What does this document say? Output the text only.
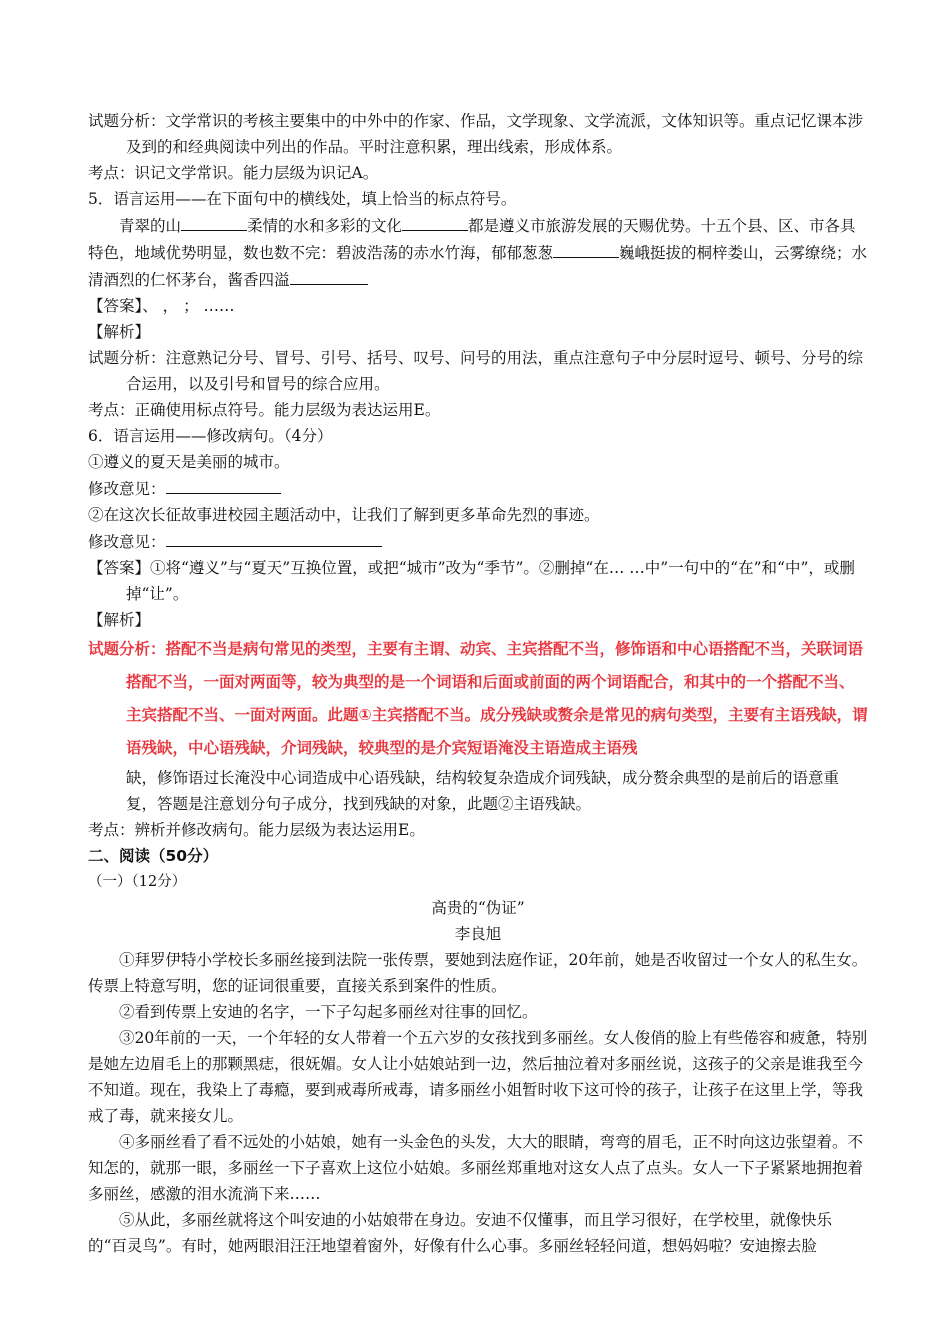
试题分析：文学常识的考核主要集中的中外中的作家、作品，文学现象、文学流派，文体知识等。重点记忆课本涉及到的和经典阅读中列出的作品。平时注意积累，理出线索，形成体系。

考点：识记文学常识。能力层级为识记A。

5．语言运用——在下面句中的横线处，填上恰当的标点符号。

青翠的山	柔情的水和多彩的文化	都是遵义市旅游发展的天赐优势。十五个县、区、市各具特色，地域优势明显，数也数不完：碧波浩荡的赤水竹海，郁郁葱葱	巍峨挺拔的桐梓娄山，云雾缭绕；水清酒烈的仁怀茅台，酱香四溢

【答案】、 ， ； ……

【解析】

试题分析：注意熟记分号、冒号、引号、括号、叹号、问号的用法，重点注意句子中分层时逗号、顿号、分号的综合运用，以及引号和冒号的综合应用。

考点：正确使用标点符号。能力层级为表达运用E。

6．语言运用——修改病句。（4分）

①遵义的夏天是美丽的城市。

修改意见：

②在这次长征故事进校园主题活动中，让我们了解到更多革命先烈的事迹。

修改意见：

【答案】①将“遵义”与“夏天”互换位置，或把“城市”改为“季节”。②删掉“在… …中”一句中的“在”和“中”，或删掉“让”。

【解析】

试题分析：搭配不当是病句常见的类型，主要有主谓、动宾、主宾搭配不当，修饰语和中心语搭配不当，关联词语搭配不当，一面对两面等，较为典型的是一个词语和后面或前面的两个词语配合，和其中的一个搭配不当、主宾搭配不当、一面对两面。此题①主宾搭配不当。成分残缺或赘余是常见的病句类型，主要有主语残缺，谓语残缺，中心语残缺，介词残缺，较典型的是介宾短语淹没主语造成主语残

缺，修饰语过长淹没中心词造成中心语残缺，结构较复杂造成介词残缺，成分赘余典型的是前后的语意重复，答题是注意划分句子成分，找到残缺的对象，此题②主语残缺。

考点：辨析并修改病句。能力层级为表达运用E。

二、阅读（50分）

（一）（12分）

高贵的“伪证”

李良旭

①拜罗伊特小学校长多丽丝接到法院一张传票，要她到法庭作证，20年前，她是否收留过一个女人的私生女。传票上特意写明，您的证词很重要，直接关系到案件的性质。

②看到传票上安迪的名字，一下子勾起多丽丝对往事的回忆。

③20年前的一天，一个年轻的女人带着一个五六岁的女孩找到多丽丝。女人俊俏的脸上有些倦容和疲惫，特别是她左边眉毛上的那颗黑痣，很妩媚。女人让小姑娘站到一边，然后抽泣着对多丽丝说，这孩子的父亲是谁我至今不知道。现在，我染上了毒瘾，要到戒毒所戒毒，请多丽丝小姐暂时收下这可怜的孩子，让孩子在这里上学，等我戒了毒，就来接女儿。

④多丽丝看了看不远处的小姑娘，她有一头金色的头发，大大的眼睛，弯弯的眉毛，正不时向这边张望着。不知怎的，就那一眼，多丽丝一下子喜欢上这位小姑娘。多丽丝郑重地对这女人点了点头。女人一下子紧紧地拥抱着多丽丝，感激的泪水流淌下来……

⑤从此，多丽丝就将这个叫安迪的小姑娘带在身边。安迪不仅懂事，而且学习很好，在学校里，就像快乐的“百灵鸟”。有时，她两眼泪汪汪地望着窗外，好像有什么心事。多丽丝轻轻问道，想妈妈啦？安迪擦去脸
